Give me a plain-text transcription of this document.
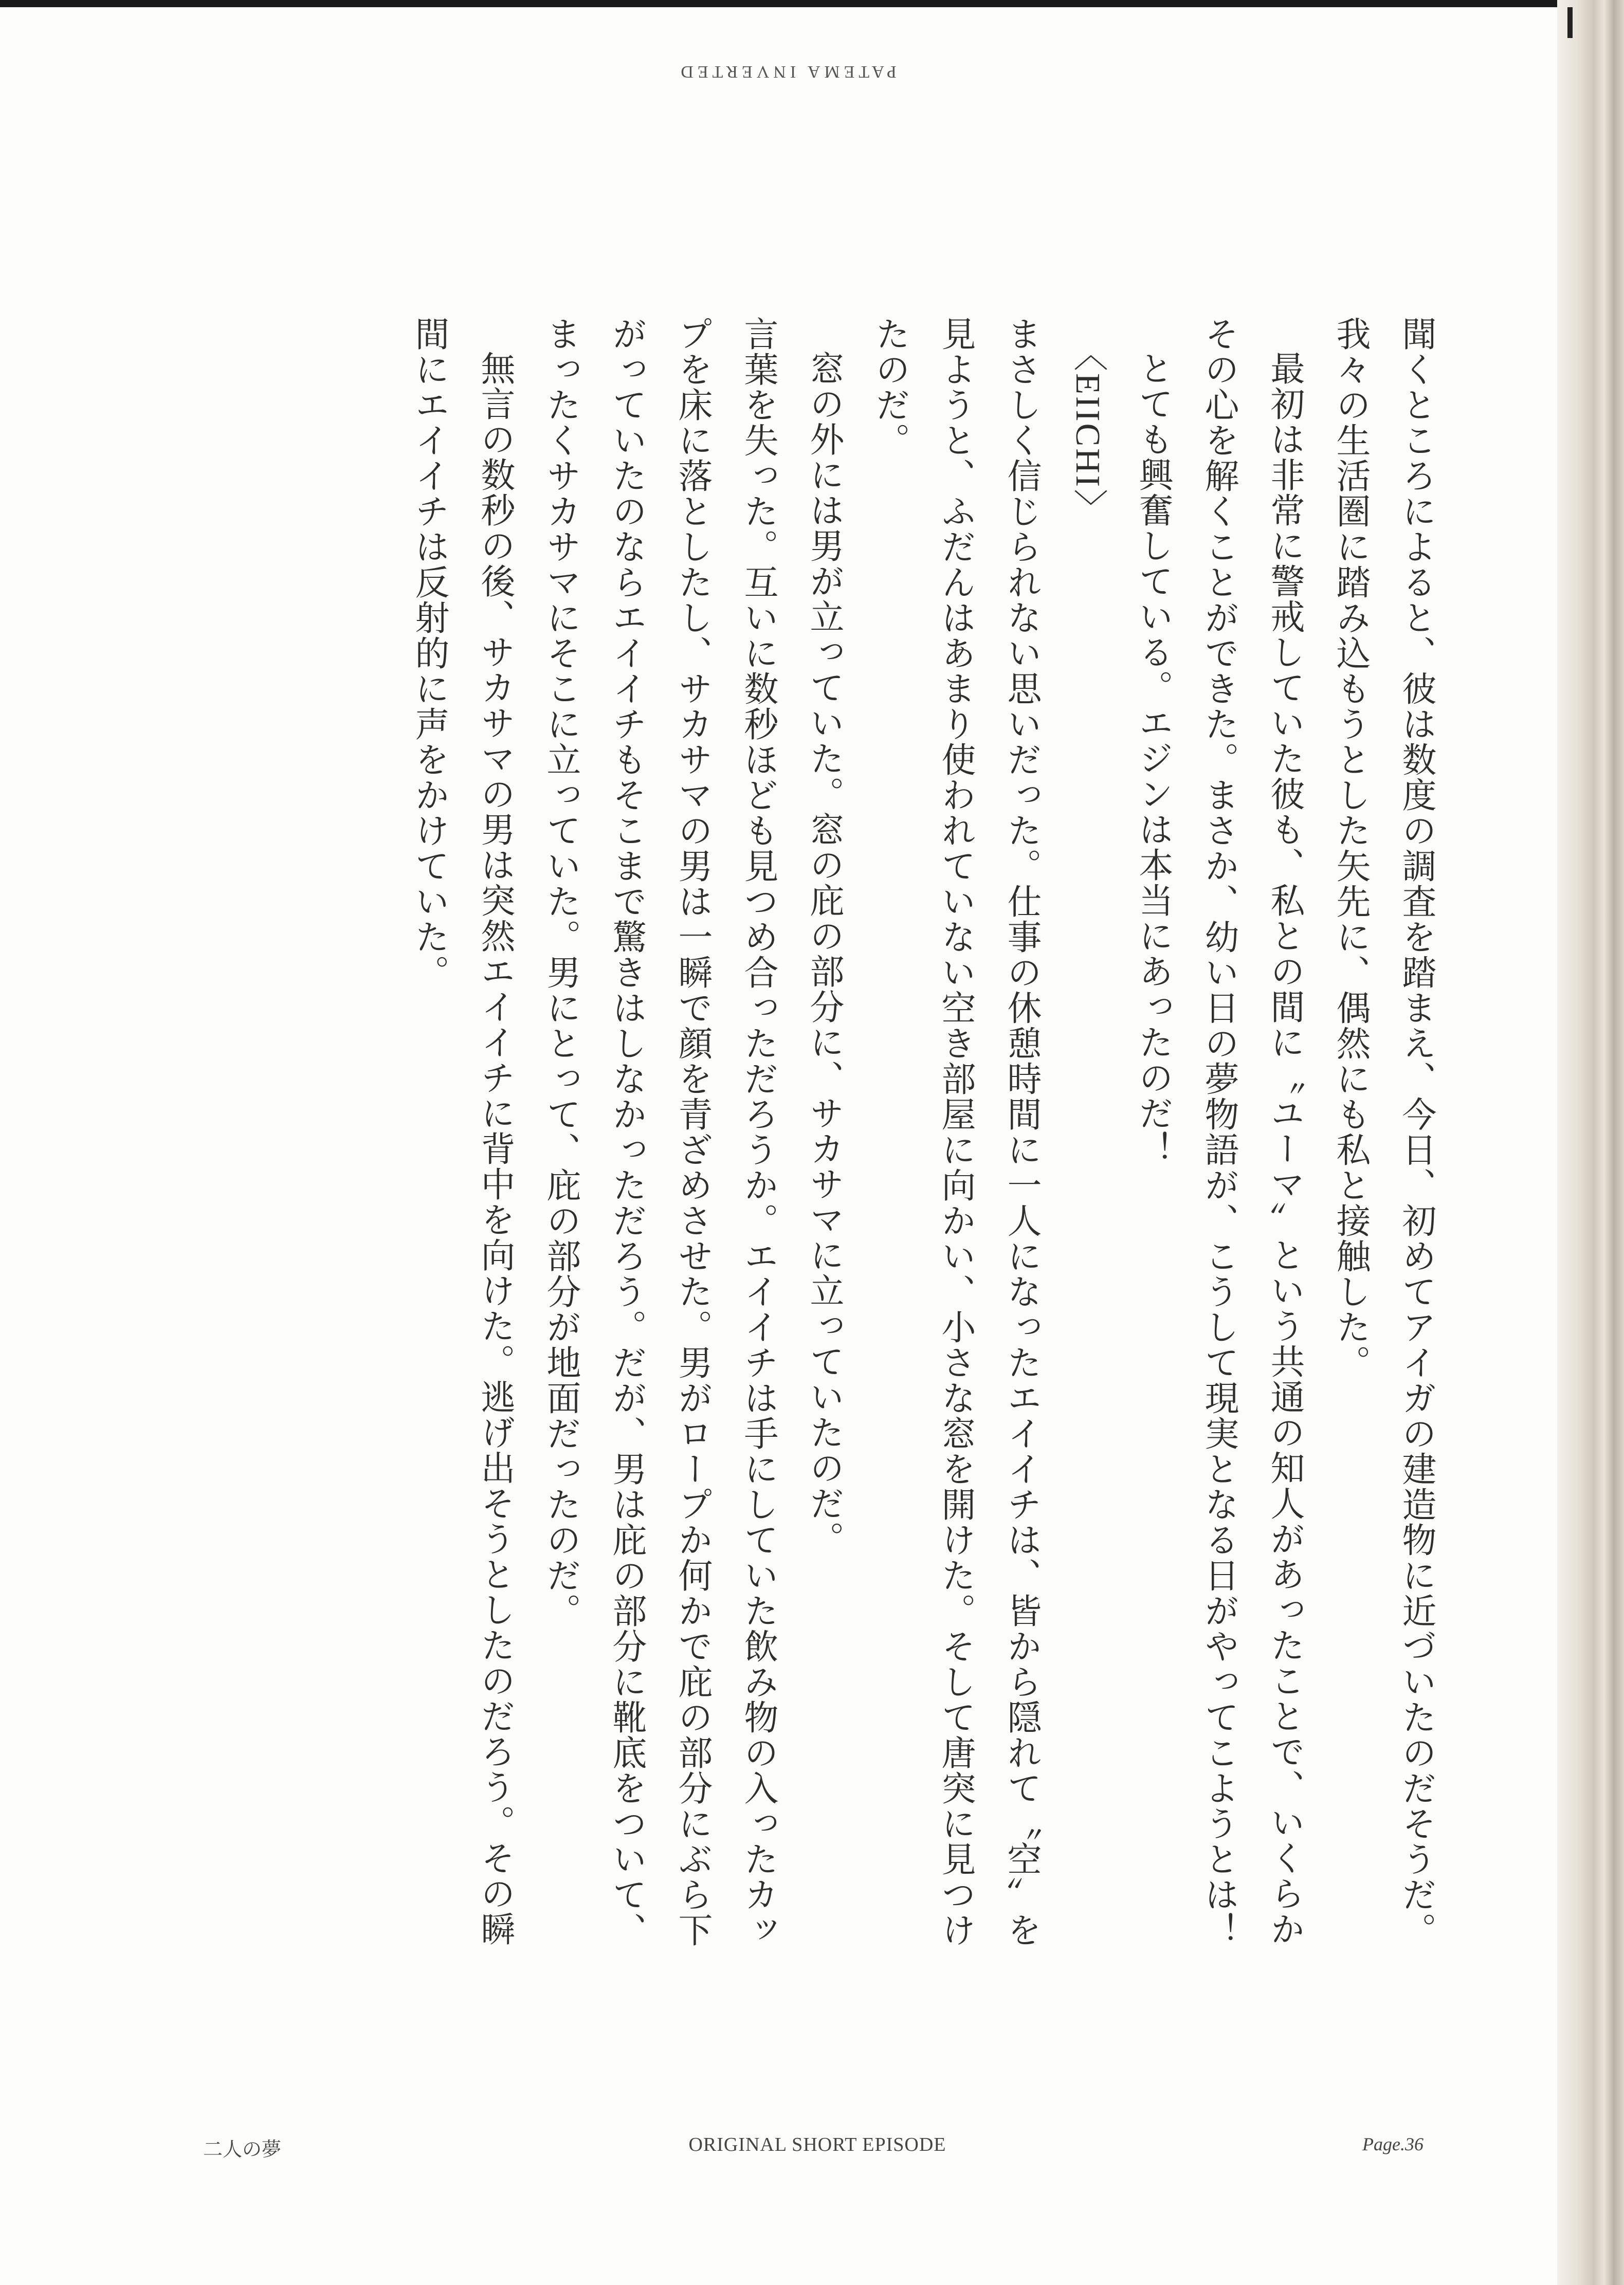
PATEMA INVERTED

聞くところによると、彼は数度の調査を踏まえ、今日、初めてアイガの建造物に近づいたのだそうだ。我々の生活圏に踏み込もうとした矢先に、偶然にも私と接触した。

最初は非常に警戒していた彼も、私との間に〝ユーマ〟という共通の知人があったことで、いくらかその心を解くことができた。まさか、幼い日の夢物語が、こうして現実となる日がやってこようとは！

とても興奮している。エジンは本当にあったのだ！

〈EIICHI〉

まさしく信じられない思いだった。仕事の休憩時間に一人になったエイイチは、皆から隠れて〝空〟を見ようと、ふだんはあまり使われていない空き部屋に向かい、小さな窓を開けた。そして唐突に見つけたのだ。

窓の外には男が立っていた。窓の庇の部分に、サカサマに立っていたのだ。

言葉を失った。互いに数秒ほども見つめ合っただろうか。エイイチは手にしていた飲み物の入ったカップを床に落としたし、サカサマの男は一瞬で顔を青ざめさせた。男がロープか何かで庇の部分にぶら下がっていたのならエイイチもそこまで驚きはしなかっただろう。だが、男は庇の部分に靴底をついて、まったくサカサマにそこに立っていた。男にとって、庇の部分が地面だったのだ。

無言の数秒の後、サカサマの男は突然エイイチに背中を向けた。逃げ出そうとしたのだろう。その瞬間にエイイチは反射的に声をかけていた。

二人の夢	ORIGINAL SHORT EPISODE	Page.36
